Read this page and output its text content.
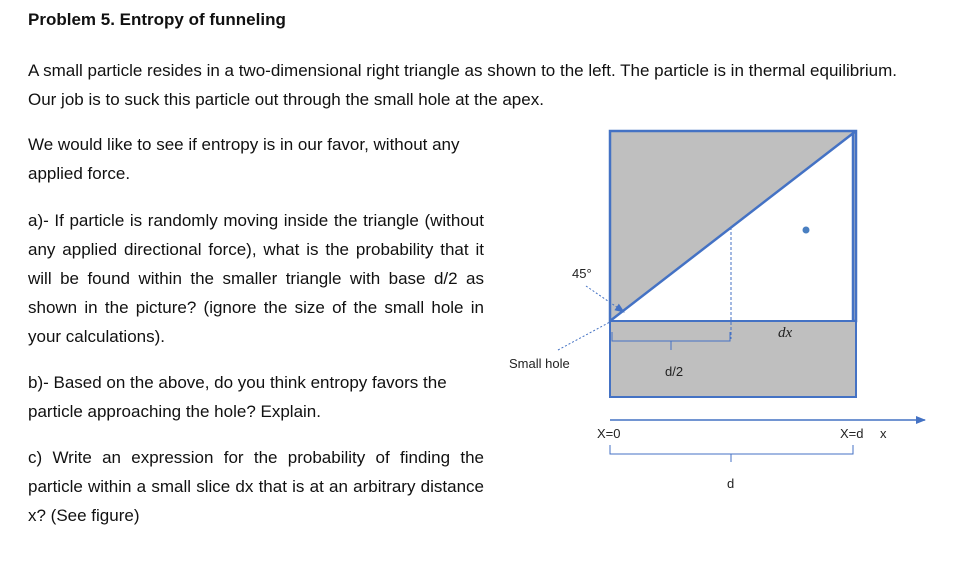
Problem 5. Entropy of funneling

A small particle resides in a two-dimensional right triangle as shown to the left. The particle is in thermal equilibrium. Our job is to suck this particle out through the small hole at the apex.

We would like to see if entropy is in our favor, without any applied force.

a)- If particle is randomly moving inside the triangle (without any applied directional force), what is the probability that it will be found within the smaller triangle with base d/2 as shown in the picture? (ignore the size of the small hole in your calculations).

b)- Based on the above, do you think entropy favors the particle approaching the hole? Explain.

c) Write an expression for the probability of finding the particle within a small slice dx that is at an arbitrary distance x? (See figure)

d/2
dx
45°
Small hole
X=0	X=d x
d
